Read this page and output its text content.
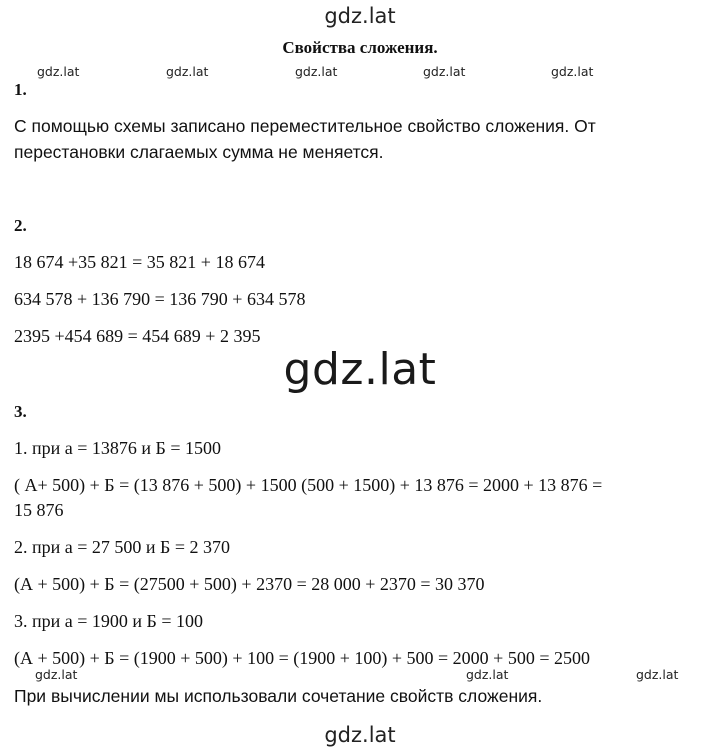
gdz.lat
gdz.lat	gdz.lat	gdz.lat	gdz.lat	gdz.lat
Свойства сложения.
1.
С помощью схемы записано переместительное свойство сложения. От
перестановки слагаемых сумма не меняется.
2.
18 674 +35 821 = 35 821 + 18 674
634 578 + 136 790 = 136 790 + 634 578
2395 +454 689 = 454 689 + 2 395
gdz.lat
3.
1. при а = 13876 и Б = 1500
( А+ 500) + Б = (13 876 + 500) + 1500 (500 + 1500) + 13 876 = 2000 + 13 876 =
15 876
2. при а = 27 500 и Б = 2 370
(А + 500) + Б = (27500 + 500) + 2370 = 28 000 + 2370 = 30 370
3. при а = 1900 и Б = 100
(А + 500) + Б = (1900 + 500) + 100 = (1900 + 100) + 500 = 2000 + 500 = 2500
gdz.lat	gdz.lat	gdz.lat
При вычислении мы использовали сочетание свойств сложения.
gdz.lat
